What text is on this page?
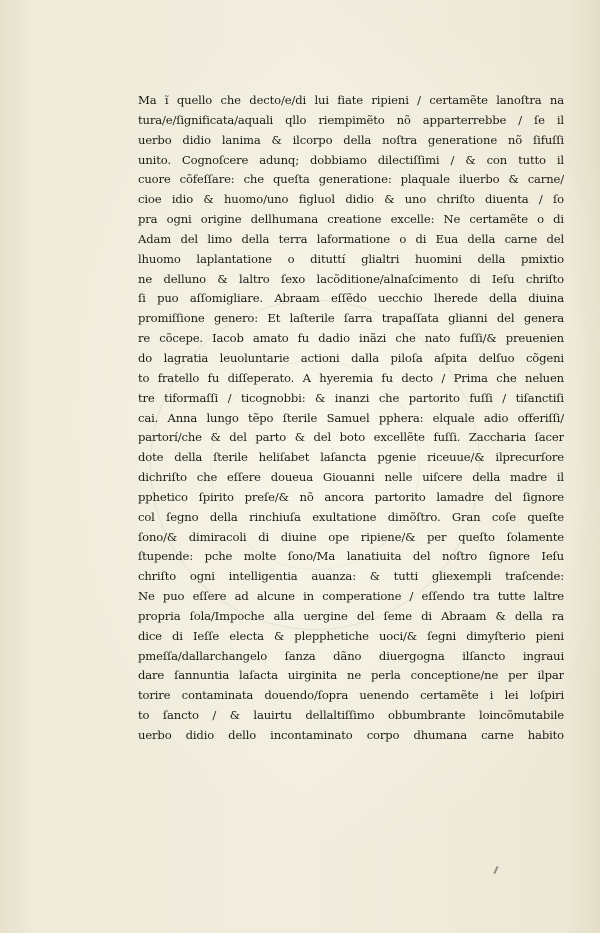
Ma ĩ quello che decto/e/di lui fiate ripieni / certamẽte lanoſtra na
tura/e/ſignificata/aquali qllo riempimẽto nõ apparterrebbe / ſe il
uerbo didio lanima & ilcorpo della noſtra generatione nõ ſifuſſi
unito. Cognoſcere adunq; dobbiamo dilectiſſimi / & con tutto il
cuore cõfeſſare: che queſta generatione: plaquale iluerbo & carne/
cioe idio & huomo/uno figluol didio & uno chriſto diuenta / ſo
pra ogni origine dellhumana creatione excelle: Ne certamẽte o di
Adam del limo della terra laformatione o di Eua della carne del
lhuomo laplantatione o dituttí glialtri huomini della pmixtio
ne delluno & laltro ſexo lacõditione/alnaſcimento di Ieſu chriſto
ſi puo aſſomigliare. Abraam eſſẽdo uecchio lherede della diuina
promiſſione genero: Et laſterile ſarra trapaſſata glianni del genera
re cõcepe. Iacob amato fu dadio inãzi che nato fuſſi/& preuenien
do lagratia leuoluntarie actioni dalla piloſa aſpita delſuo cõgeni
to fratello fu diſſeperato. A hyeremia fu decto / Prima che neluen
tre tiformaſſi / ticognobbi: & inanzi che partorito fuſſi / tiſanctiſi
cai. Anna lungo tẽpo ſterile Samuel pphera: elquale adio offeriſſi/
partorí/che & del parto & del boto excellẽte fuſſi. Zaccharia ſacer
dote della ſterile heliſabet laſancta pgenie riceuue/& ilprecurſore
dichriſto che eſſere doueua Giouanni nelle uiſcere della madre il
pphetico ſpirito preſe/& nõ ancora partorito lamadre del ſignore
col ſegno della rinchiuſa exultatione dimõſtro. Gran coſe queſte
ſono/& dimiracoli di diuine ope ripiene/& per queſto ſolamente
ſtupende: pche molte ſono/Ma lanatiuita del noſtro ſignore Ieſu
chriſto ogni intelligentia auanza: & tutti gliexempli traſcende:
Ne puo eſſere ad alcune in comperatione / eſſendo tra tutte laltre
propria ſola/Impoche alla uergine del ſeme di Abraam & della ra
dice di Ieſſe electa & plepphetiche uoci/& ſegni dimyſterio pieni
pmeſſa/dallarchangelo ſanza dãno diuergogna ilſancto ingraui
dare ſannuntia laſacta uirginita ne perla conceptione/ne per ilpar
torire contaminata douendo/ſopra uenendo certamẽte i lei loſpiri
to ſancto / & lauirtu dellaltiſſimo obbumbrante loincõmutabile
uerbo didio dello incontaminato corpo dhumana carne habito
